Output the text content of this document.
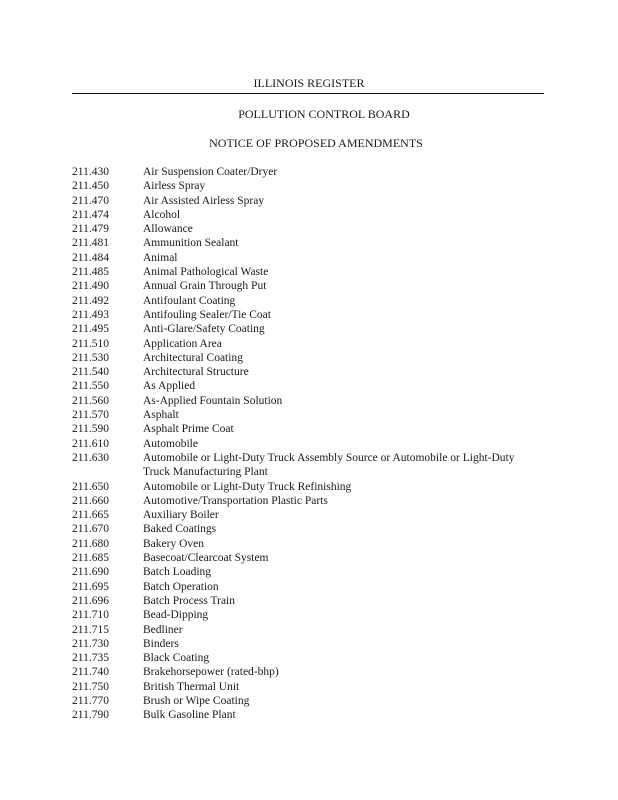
ILLINOIS REGISTER
POLLUTION CONTROL BOARD
NOTICE OF PROPOSED AMENDMENTS
211.430	Air Suspension Coater/Dryer
211.450	Airless Spray
211.470	Air Assisted Airless Spray
211.474	Alcohol
211.479	Allowance
211.481	Ammunition Sealant
211.484	Animal
211.485	Animal Pathological Waste
211.490	Annual Grain Through Put
211.492	Antifoulant Coating
211.493	Antifouling Sealer/Tie Coat
211.495	Anti-Glare/Safety Coating
211.510	Application Area
211.530	Architectural Coating
211.540	Architectural Structure
211.550	As Applied
211.560	As-Applied Fountain Solution
211.570	Asphalt
211.590	Asphalt Prime Coat
211.610	Automobile
211.630	Automobile or Light-Duty Truck Assembly Source or Automobile or Light-Duty Truck Manufacturing Plant
211.650	Automobile or Light-Duty Truck Refinishing
211.660	Automotive/Transportation Plastic Parts
211.665	Auxiliary Boiler
211.670	Baked Coatings
211.680	Bakery Oven
211.685	Basecoat/Clearcoat System
211.690	Batch Loading
211.695	Batch Operation
211.696	Batch Process Train
211.710	Bead-Dipping
211.715	Bedliner
211.730	Binders
211.735	Black Coating
211.740	Brakehorsepower (rated-bhp)
211.750	British Thermal Unit
211.770	Brush or Wipe Coating
211.790	Bulk Gasoline Plant
